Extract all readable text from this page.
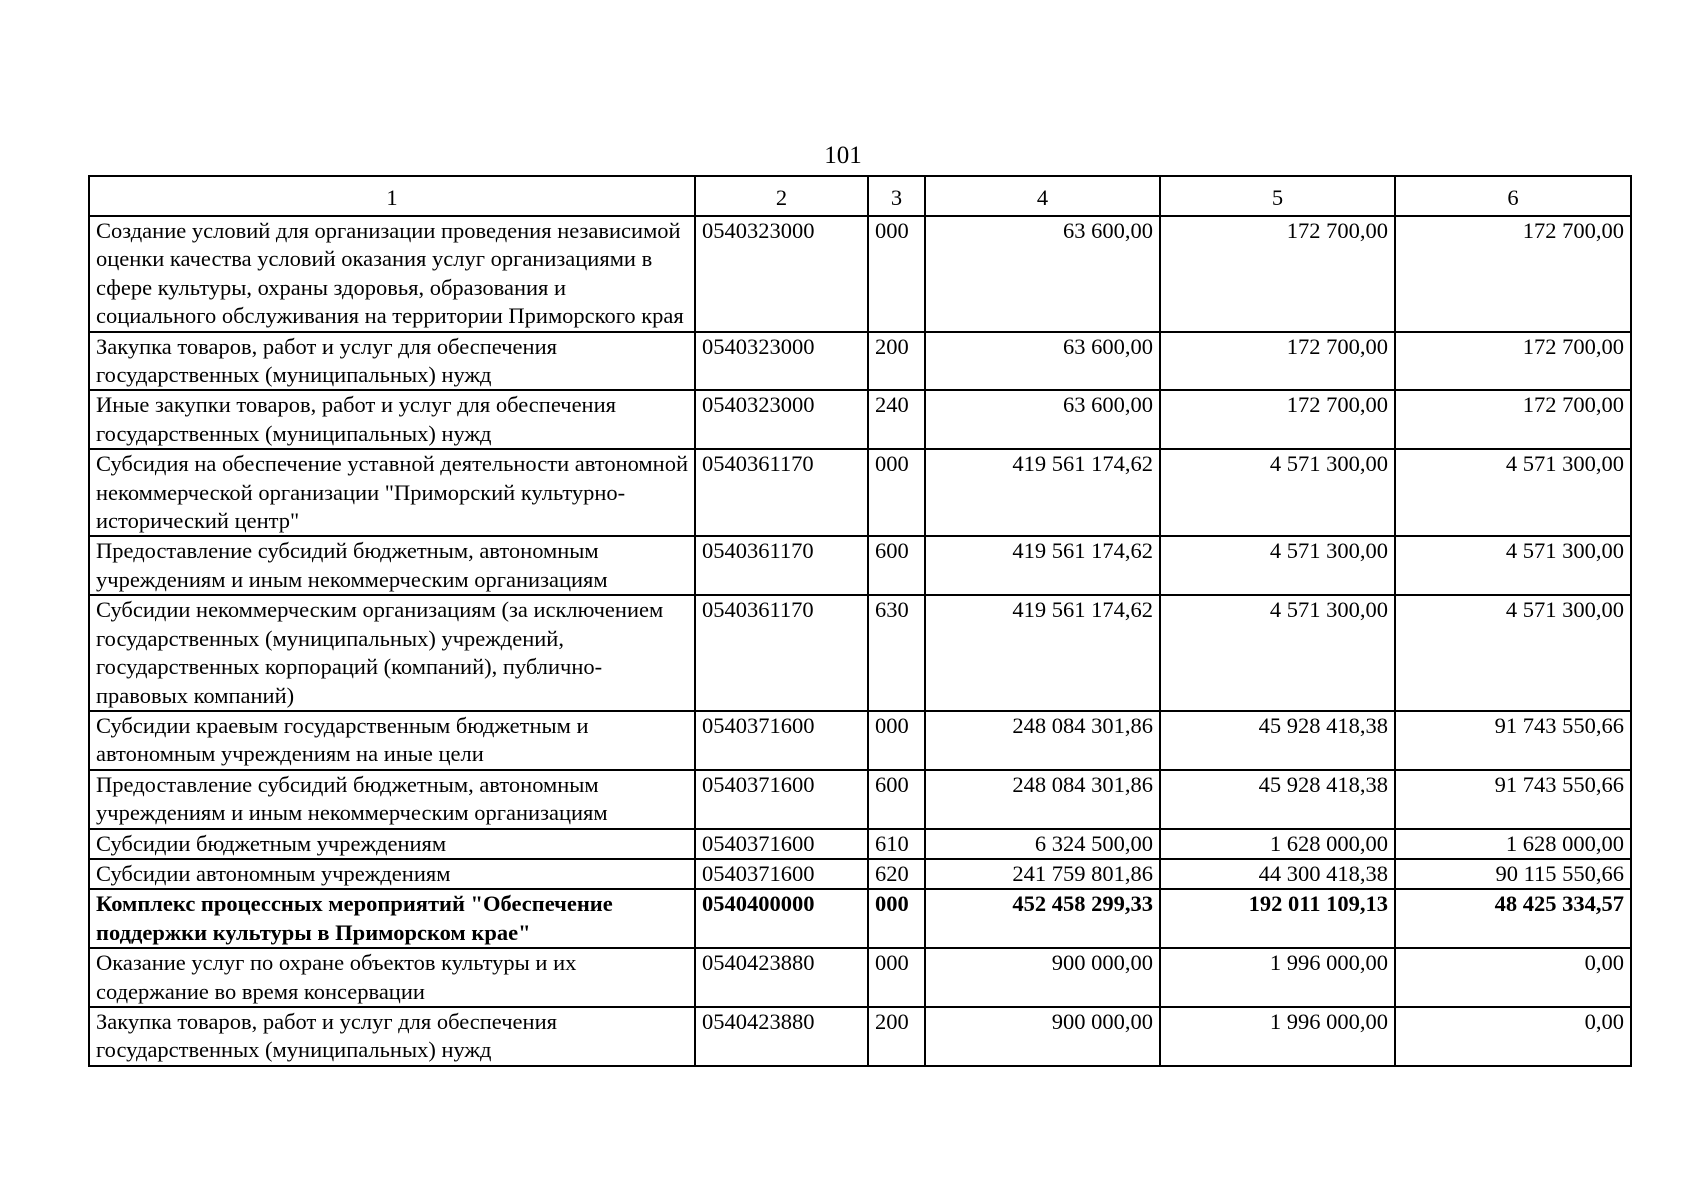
101
1	2	3	4	5	6
Создание условий для организации проведения независимой оценки качества условий оказания услуг организациями в сфере культуры, охраны здоровья, образования и социального обслуживания на территории Приморского края	0540323000	000	63 600,00	172 700,00	172 700,00
Закупка товаров, работ и услуг для обеспечения государственных (муниципальных) нужд	0540323000	200	63 600,00	172 700,00	172 700,00
Иные закупки товаров, работ и услуг для обеспечения государственных (муниципальных) нужд	0540323000	240	63 600,00	172 700,00	172 700,00
Субсидия на обеспечение уставной деятельности автономной некоммерческой организации "Приморский культурно-исторический центр"	0540361170	000	419 561 174,62	4 571 300,00	4 571 300,00
Предоставление субсидий бюджетным, автономным учреждениям и иным некоммерческим организациям	0540361170	600	419 561 174,62	4 571 300,00	4 571 300,00
Субсидии некоммерческим организациям (за исключением государственных (муниципальных) учреждений, государственных корпораций (компаний), публично-правовых компаний)	0540361170	630	419 561 174,62	4 571 300,00	4 571 300,00
Субсидии краевым государственным бюджетным и автономным учреждениям на иные цели	0540371600	000	248 084 301,86	45 928 418,38	91 743 550,66
Предоставление субсидий бюджетным, автономным учреждениям и иным некоммерческим организациям	0540371600	600	248 084 301,86	45 928 418,38	91 743 550,66
Субсидии бюджетным учреждениям	0540371600	610	6 324 500,00	1 628 000,00	1 628 000,00
Субсидии автономным учреждениям	0540371600	620	241 759 801,86	44 300 418,38	90 115 550,66
Комплекс процессных мероприятий "Обеспечение поддержки культуры в Приморском крае"	0540400000	000	452 458 299,33	192 011 109,13	48 425 334,57
Оказание услуг по охране объектов культуры и их содержание во время консервации	0540423880	000	900 000,00	1 996 000,00	0,00
Закупка товаров, работ и услуг для обеспечения государственных (муниципальных) нужд	0540423880	200	900 000,00	1 996 000,00	0,00
